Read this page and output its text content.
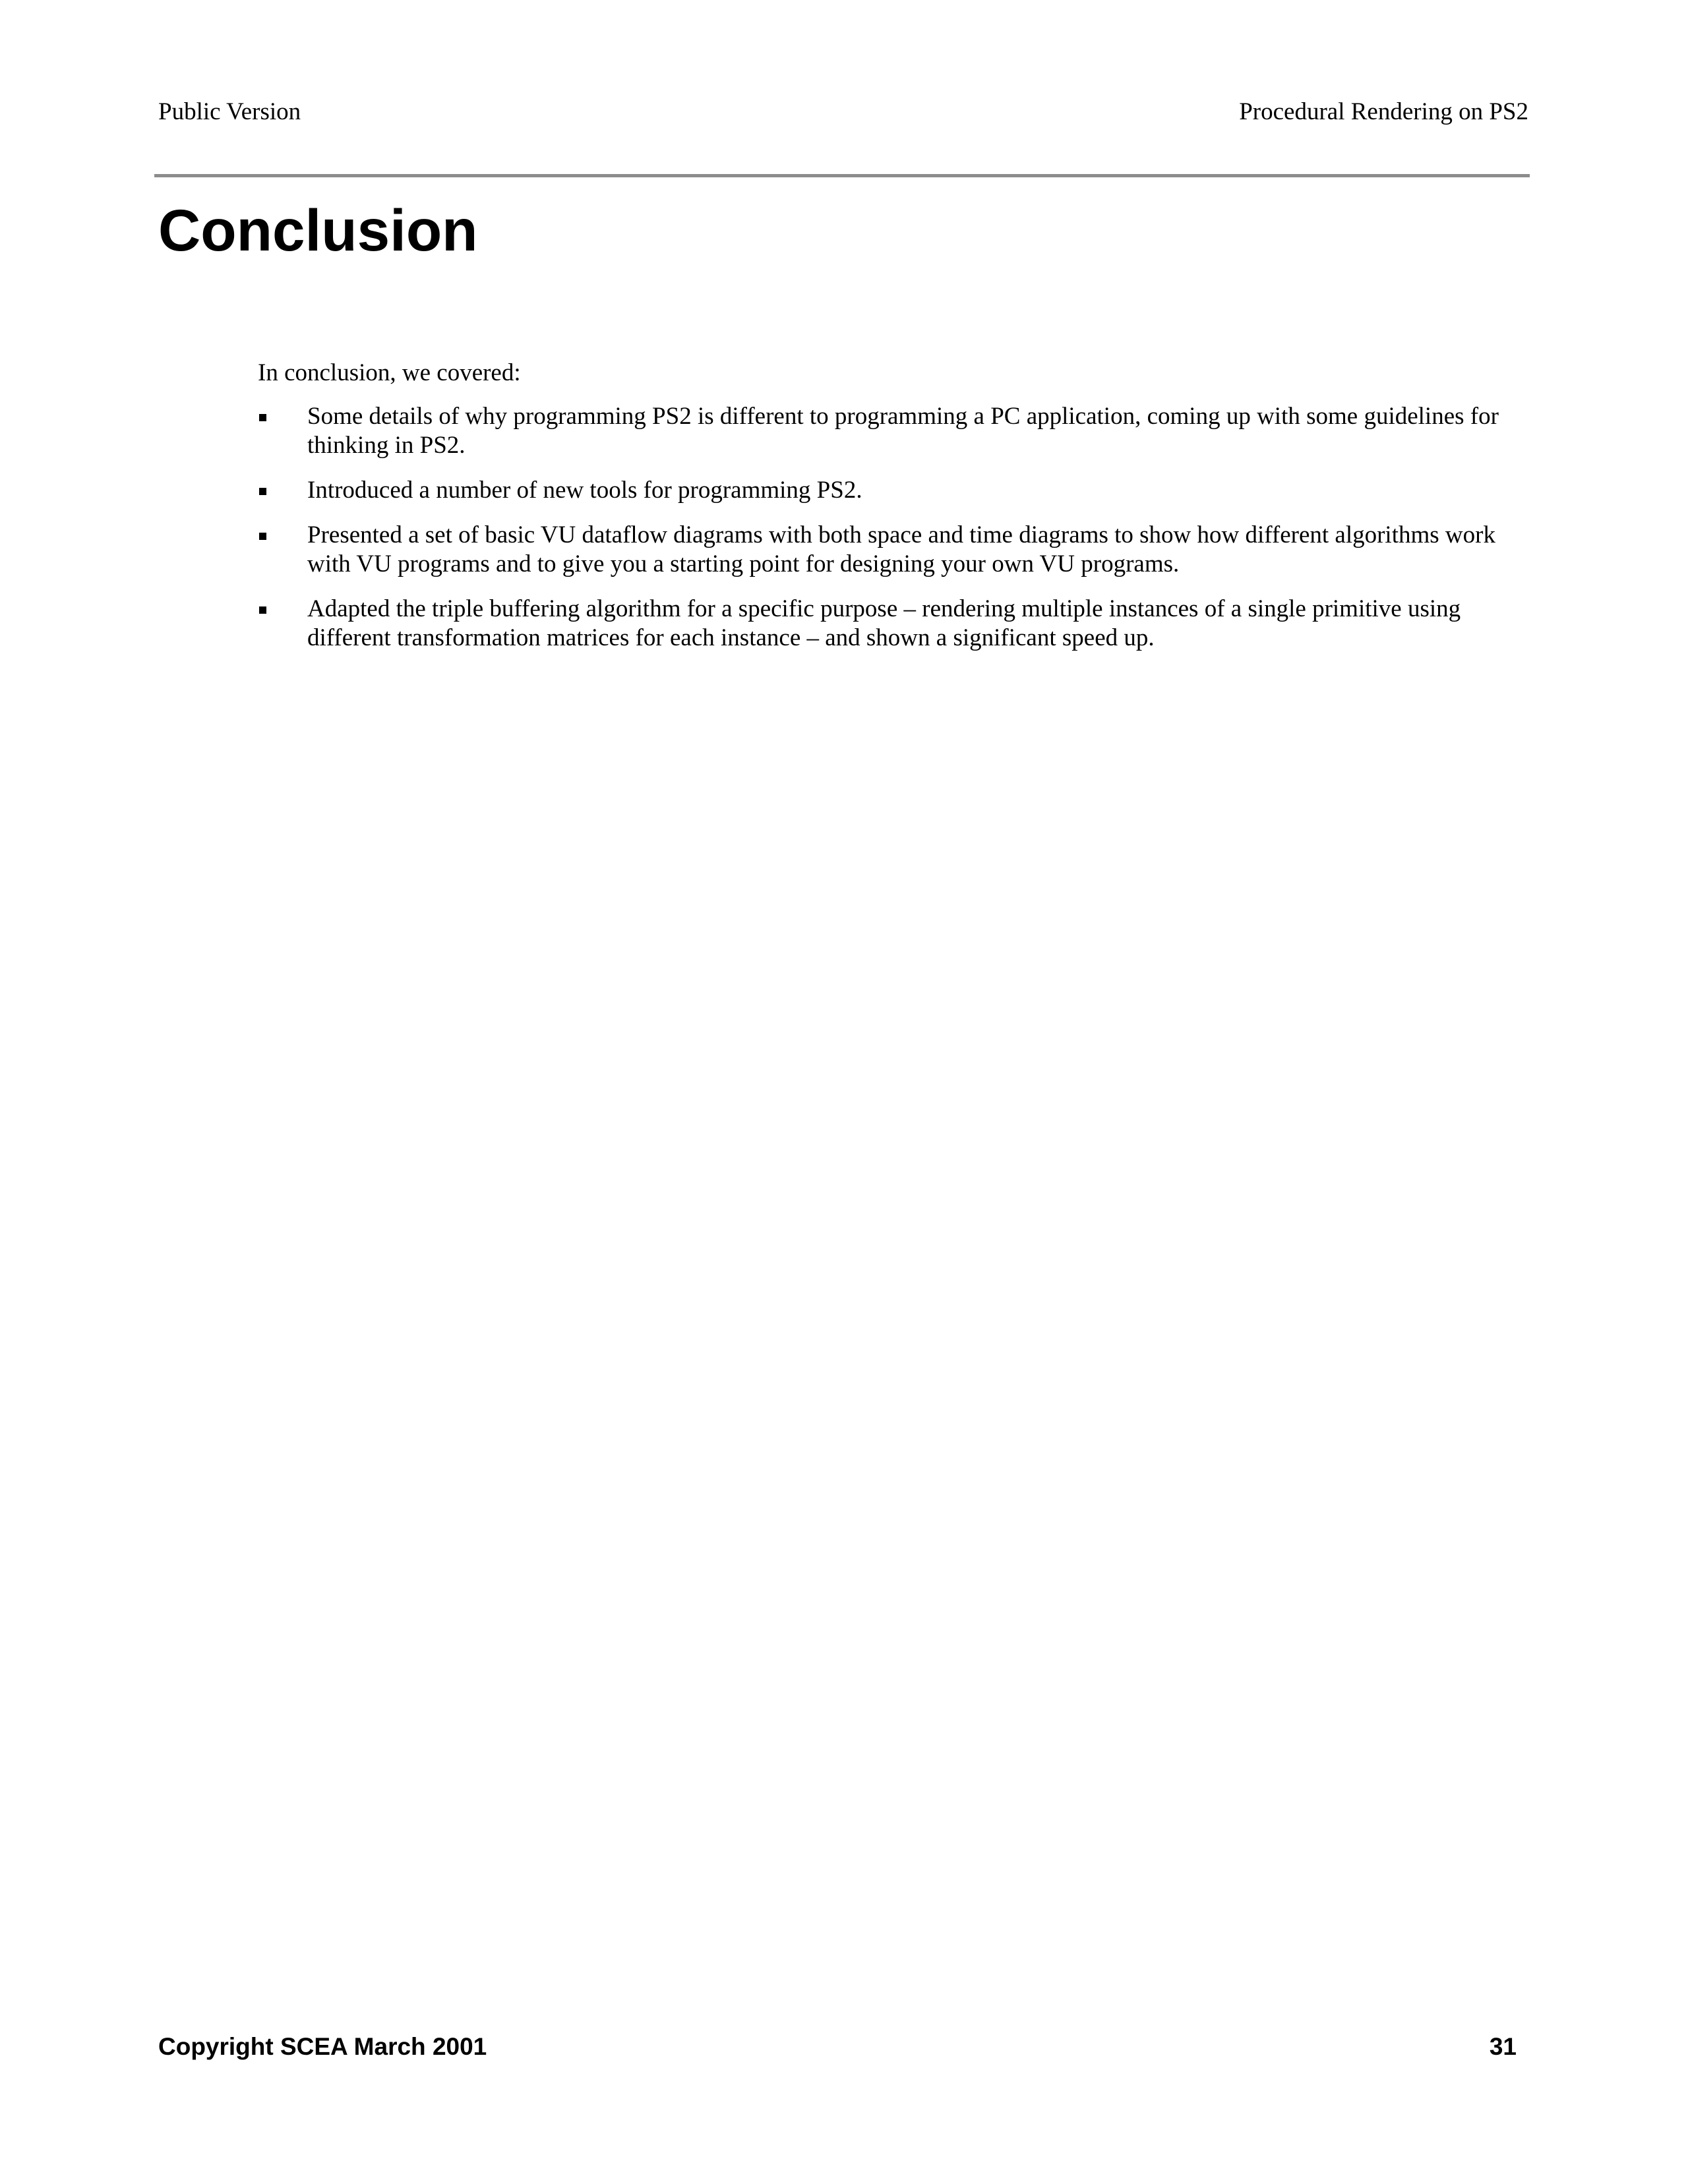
Public Version	Procedural Rendering on PS2
Conclusion

In conclusion, we covered:

Some details of why programming PS2 is different to programming a PC application, coming up with some guidelines for thinking in PS2.
Introduced a number of new tools for programming PS2.
Presented a set of basic VU dataflow diagrams with both space and time diagrams to show how different algorithms work with VU programs and to give you a starting point for designing your own VU programs.
Adapted the triple buffering algorithm for a specific purpose – rendering multiple instances of a single primitive using different transformation matrices for each instance – and shown a significant speed up.
Copyright SCEA March 2001	31
